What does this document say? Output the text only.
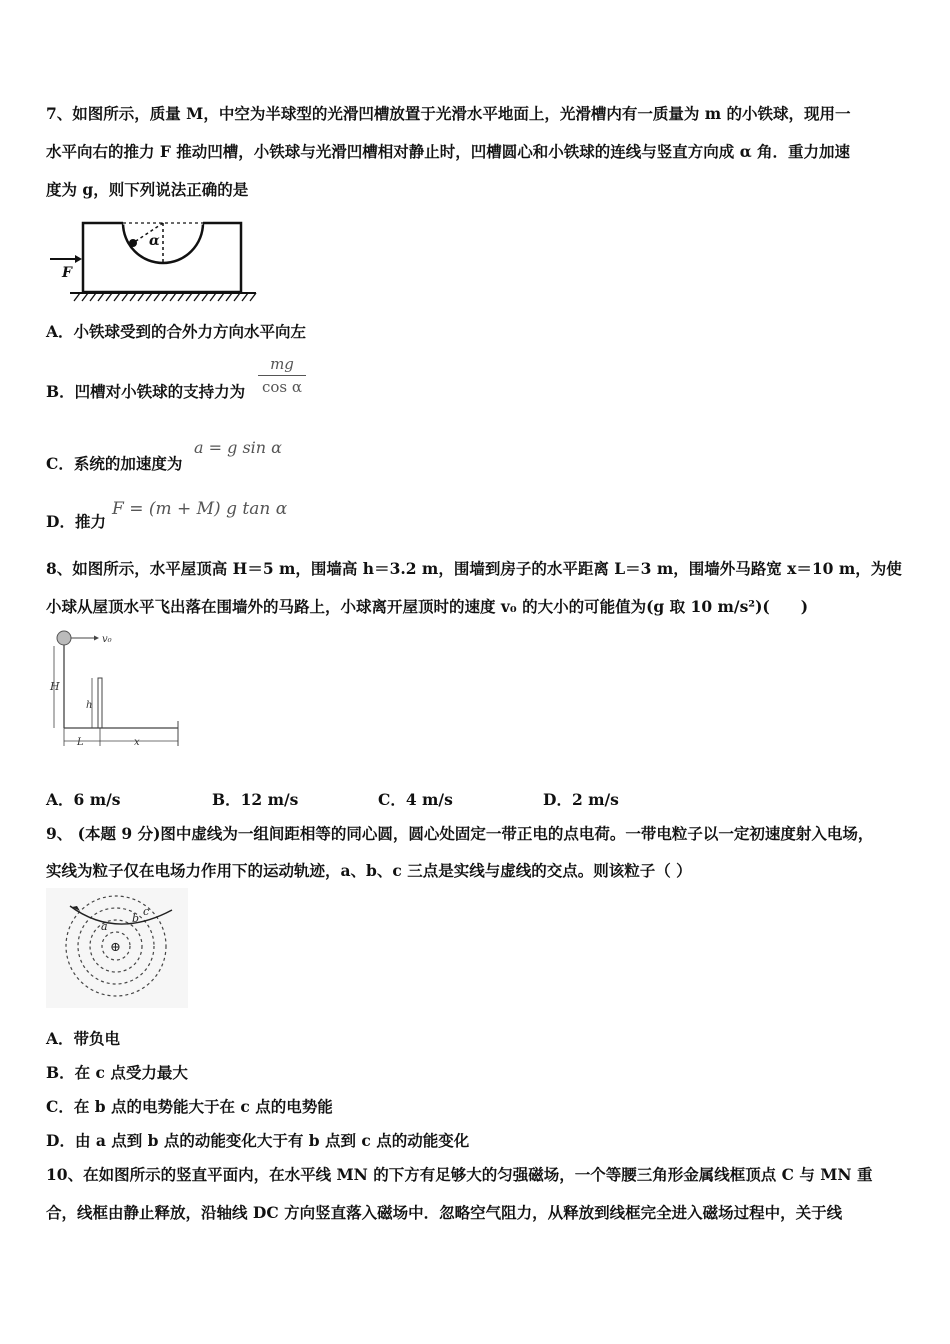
7、如图所示，质量 M，中空为半球型的光滑凹槽放置于光滑水平地面上，光滑槽内有一质量为 m 的小铁球，现用一
水平向右的推力 F 推动凹槽，小铁球与光滑凹槽相对静止时，凹槽圆心和小铁球的连线与竖直方向成 α 角．重力加速
度为 g，则下列说法正确的是
α
F
A．小铁球受到的合外力方向水平向左
B．凹槽对小铁球的支持力为
mg
cos α
C．系统的加速度为
a = g sin α
D．推力
F = (m + M) g tan α
8、如图所示，水平屋顶高 H＝5 m，围墙高 h＝3.2 m，围墙到房子的水平距离 L＝3 m，围墙外马路宽 x＝10 m，为使
小球从屋顶水平飞出落在围墙外的马路上，小球离开屋顶时的速度 v₀ 的大小的可能值为(g 取 10 m/s²)(　　)
v₀
H
h
L	x
A．6 m/s	B．12 m/s	C．4 m/s	D．2 m/s
9、 (本题 9 分)图中虚线为一组间距相等的同心圆，圆心处固定一带正电的点电荷。一带电粒子以一定初速度射入电场，
实线为粒子仅在电场力作用下的运动轨迹，a、b、c 三点是实线与虚线的交点。则该粒子（ ）
⊕
a
b
c
A．带负电
B．在 c 点受力最大
C．在 b 点的电势能大于在 c 点的电势能
D．由 a 点到 b 点的动能变化大于有 b 点到 c 点的动能变化
10、在如图所示的竖直平面内，在水平线 MN 的下方有足够大的匀强磁场，一个等腰三角形金属线框顶点 C 与 MN 重
合，线框由静止释放，沿轴线 DC 方向竖直落入磁场中．忽略空气阻力，从释放到线框完全进入磁场过程中，关于线
